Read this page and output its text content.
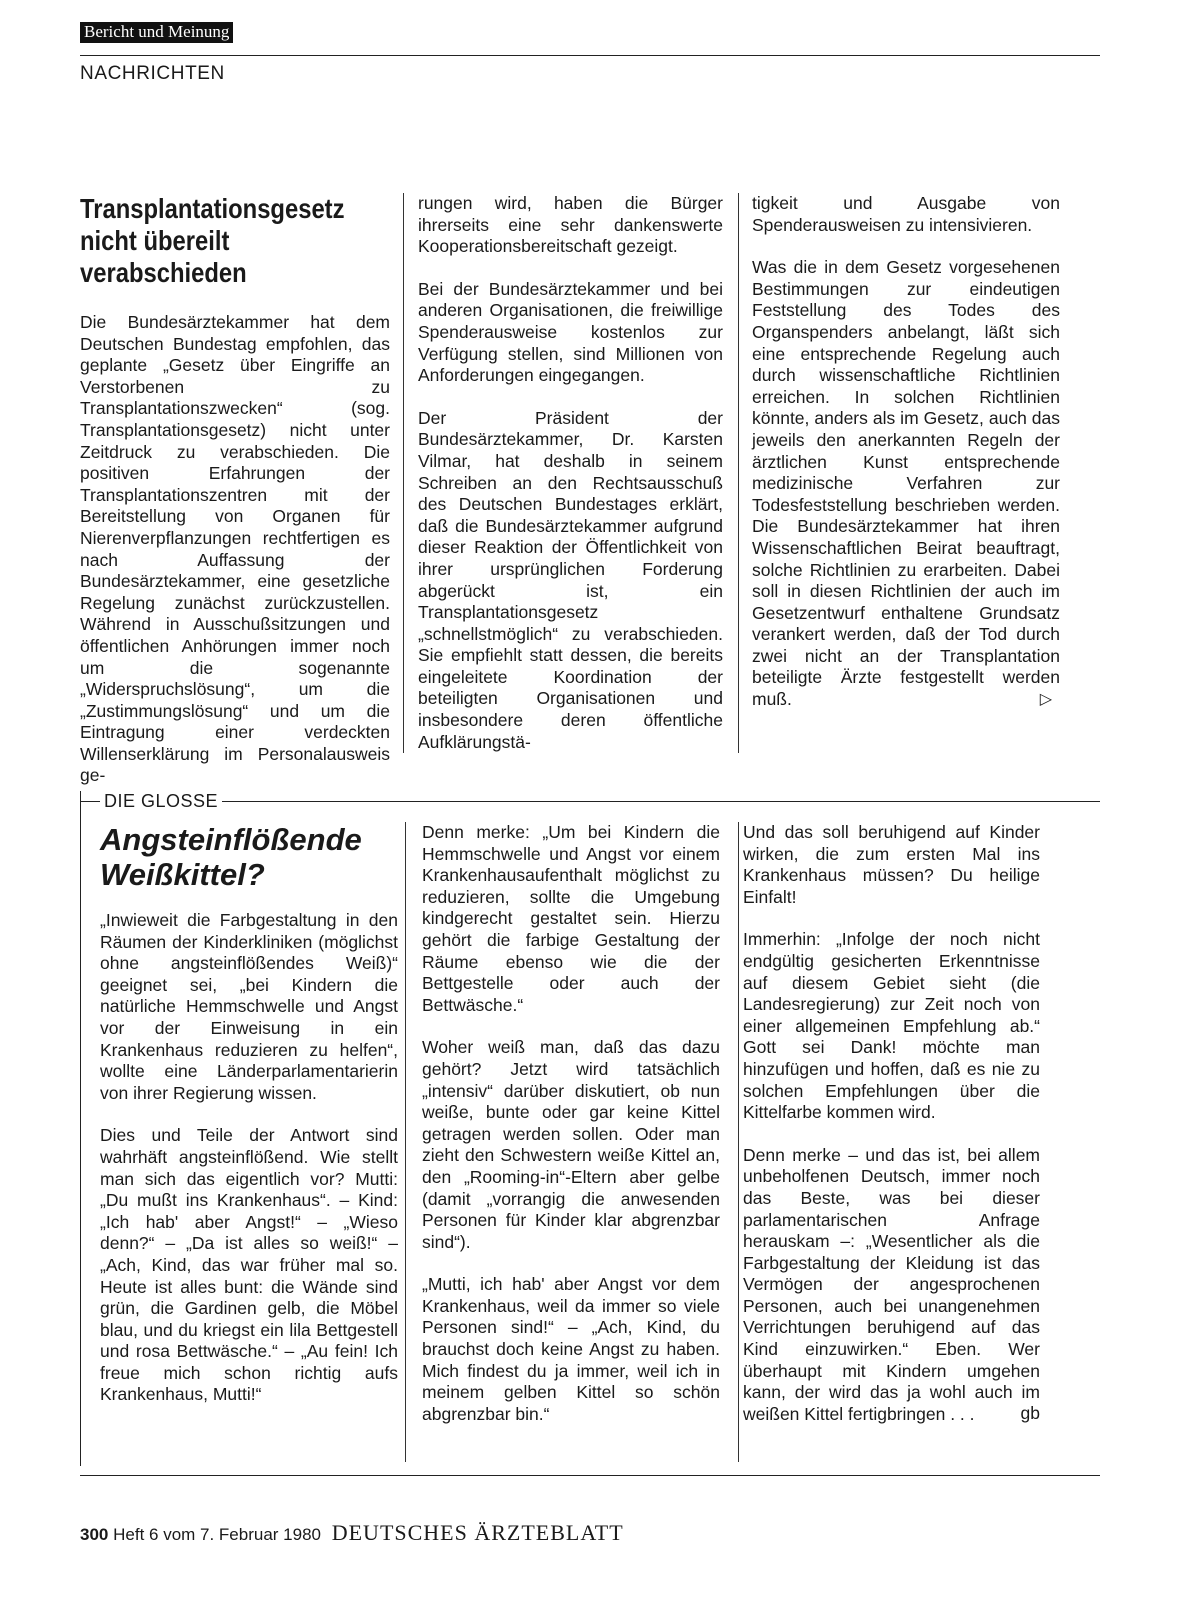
Bericht und Meinung
NACHRICHTEN
Transplantationsgesetz
nicht übereilt
verabschieden

Die Bundesärztekammer hat dem Deutschen Bundestag empfohlen, das geplante „Gesetz über Eingriffe an Verstorbenen zu Transplantationszwecken“ (sog. Transplantationsgesetz) nicht unter Zeitdruck zu verabschieden. Die positiven Erfahrungen der Transplantationszentren mit der Bereitstellung von Organen für Nierenverpflanzungen rechtfertigen es nach Auffassung der Bundesärztekammer, eine gesetzliche Regelung zunächst zurückzustellen. Während in Ausschußsitzungen und öffentlichen Anhörungen immer noch um die sogenannte „Widerspruchslösung“, um die „Zustimmungslösung“ und um die Eintragung einer verdeckten Willenserklärung im Personalausweis ge-

rungen wird, haben die Bürger ihrerseits eine sehr dankenswerte Kooperationsbereitschaft gezeigt.

Bei der Bundesärztekammer und bei anderen Organisationen, die freiwillige Spenderausweise kostenlos zur Verfügung stellen, sind Millionen von Anforderungen eingegangen.

Der Präsident der Bundesärztekammer, Dr. Karsten Vilmar, hat deshalb in seinem Schreiben an den Rechtsausschuß des Deutschen Bundestages erklärt, daß die Bundesärztekammer aufgrund dieser Reaktion der Öffentlichkeit von ihrer ursprünglichen Forderung abgerückt ist, ein Transplantationsgesetz „schnellstmöglich“ zu verabschieden. Sie empfiehlt statt dessen, die bereits eingeleitete Koordination der beteiligten Organisationen und insbesondere deren öffentliche Aufklärungstä-

tigkeit und Ausgabe von Spenderausweisen zu intensivieren.

Was die in dem Gesetz vorgesehenen Bestimmungen zur eindeutigen Feststellung des Todes des Organspenders anbelangt, läßt sich eine entsprechende Regelung auch durch wissenschaftliche Richtlinien erreichen. In solchen Richtlinien könnte, anders als im Gesetz, auch das jeweils den anerkannten Regeln der ärztlichen Kunst entsprechende medizinische Verfahren zur Todesfeststellung beschrieben werden. Die Bundesärztekammer hat ihren Wissenschaftlichen Beirat beauftragt, solche Richtlinien zu erarbeiten. Dabei soll in diesen Richtlinien der auch im Gesetzentwurf enthaltene Grundsatz verankert werden, daß der Tod durch zwei nicht an der Transplantation beteiligte Ärzte festgestellt werden muß.	▷
DIE GLOSSE
Angsteinflößende
Weißkittel?

„Inwieweit die Farbgestaltung in den Räumen der Kinderkliniken (möglichst ohne angsteinflößendes Weiß)“ geeignet sei, „bei Kindern die natürliche Hemmschwelle und Angst vor der Einweisung in ein Krankenhaus reduzieren zu helfen“, wollte eine Länderparlamentarierin von ihrer Regierung wissen.

Dies und Teile der Antwort sind wahrhäft angsteinflößend. Wie stellt man sich das eigentlich vor? Mutti: „Du mußt ins Krankenhaus“. – Kind: „Ich hab' aber Angst!“ – „Wieso denn?“ – „Da ist alles so weiß!“ – „Ach, Kind, das war früher mal so. Heute ist alles bunt: die Wände sind grün, die Gardinen gelb, die Möbel blau, und du kriegst ein lila Bettgestell und rosa Bettwäsche.“ – „Au fein! Ich freue mich schon richtig aufs Krankenhaus, Mutti!“

Denn merke: „Um bei Kindern die Hemmschwelle und Angst vor einem Krankenhausaufenthalt möglichst zu reduzieren, sollte die Umgebung kindgerecht gestaltet sein. Hierzu gehört die farbige Gestaltung der Räume ebenso wie die der Bettgestelle oder auch der Bettwäsche.“

Woher weiß man, daß das dazu gehört? Jetzt wird tatsächlich „intensiv“ darüber diskutiert, ob nun weiße, bunte oder gar keine Kittel getragen werden sollen. Oder man zieht den Schwestern weiße Kittel an, den „Rooming-in“-Eltern aber gelbe (damit „vorrangig die anwesenden Personen für Kinder klar abgrenzbar sind“).

„Mutti, ich hab' aber Angst vor dem Krankenhaus, weil da immer so viele Personen sind!“ – „Ach, Kind, du brauchst doch keine Angst zu haben. Mich findest du ja immer, weil ich in meinem gelben Kittel so schön abgrenzbar bin.“

Und das soll beruhigend auf Kinder wirken, die zum ersten Mal ins Krankenhaus müssen? Du heilige Einfalt!

Immerhin: „Infolge der noch nicht endgültig gesicherten Erkenntnisse auf diesem Gebiet sieht (die Landesregierung) zur Zeit noch von einer allgemeinen Empfehlung ab.“ Gott sei Dank! möchte man hinzufügen und hoffen, daß es nie zu solchen Empfehlungen über die Kittelfarbe kommen wird.

Denn merke – und das ist, bei allem unbeholfenen Deutsch, immer noch das Beste, was bei dieser parlamentarischen Anfrage herauskam –: „Wesentlicher als die Farbgestaltung der Kleidung ist das Vermögen der angesprochenen Personen, auch bei unangenehmen Verrichtungen beruhigend auf das Kind einzuwirken.“ Eben. Wer überhaupt mit Kindern umgehen kann, der wird das ja wohl auch im weißen Kittel fertigbringen . . .	gb
300 Heft 6 vom 7. Februar 1980 DEUTSCHES ÄRZTEBLATT
